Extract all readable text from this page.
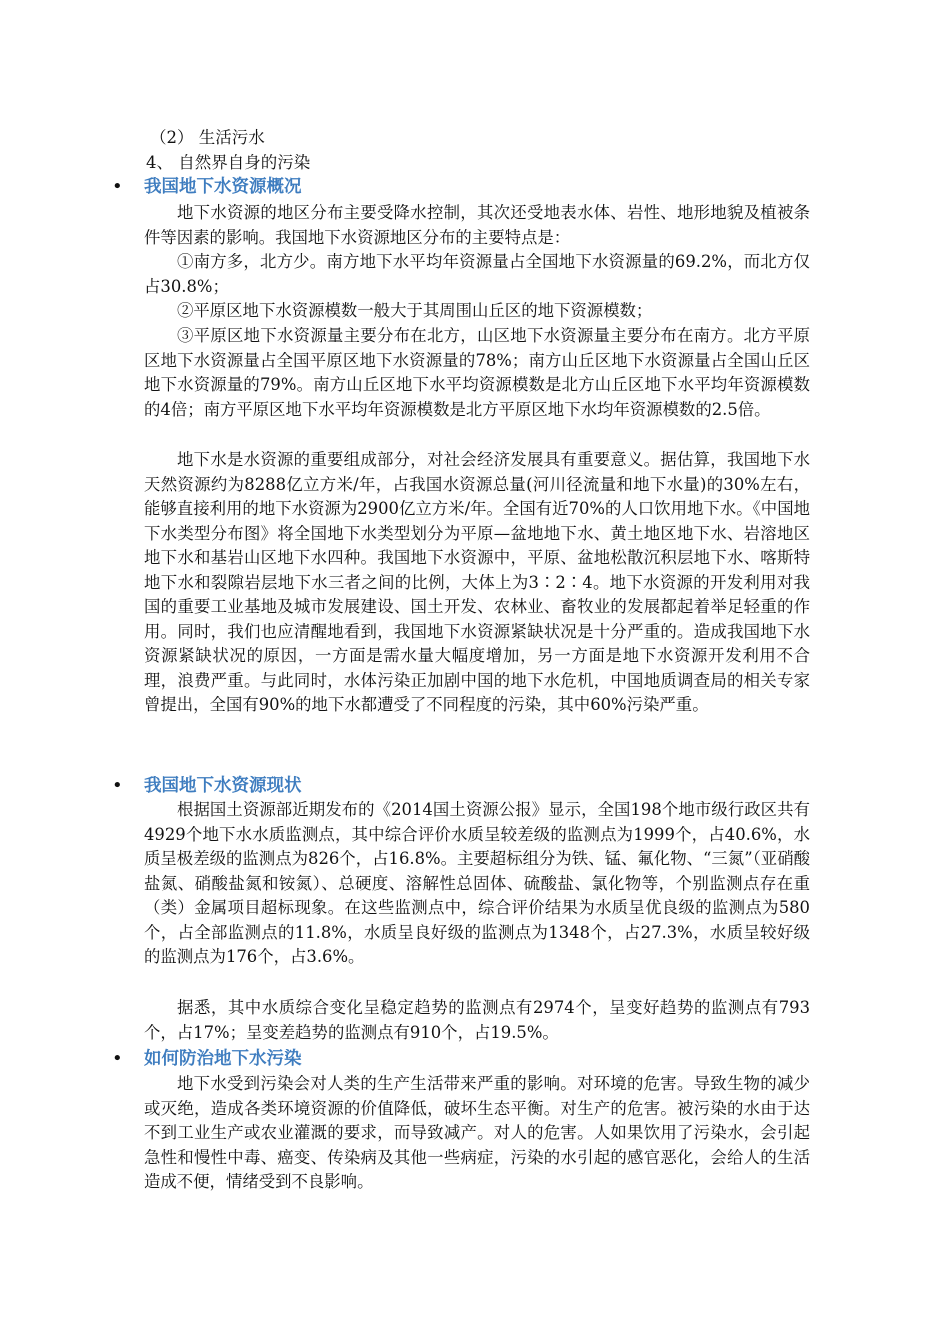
（2） 生活污水
4、 自然界自身的污染
• 我国地下水资源概况

地下水资源的地区分布主要受降水控制，其次还受地表水体、岩性、地形地貌及植被条件等因素的影响。我国地下水资源地区分布的主要特点是：

①南方多，北方少。南方地下水平均年资源量占全国地下水资源量的69.2%，而北方仅占30.8%；

②平原区地下水资源模数一般大于其周围山丘区的地下资源模数；

③平原区地下水资源量主要分布在北方，山区地下水资源量主要分布在南方。北方平原区地下水资源量占全国平原区地下水资源量的78%；南方山丘区地下水资源量占全国山丘区地下水资源量的79%。南方山丘区地下水平均资源模数是北方山丘区地下水平均年资源模数的4倍；南方平原区地下水平均年资源模数是北方平原区地下水均年资源模数的2.5倍。

地下水是水资源的重要组成部分，对社会经济发展具有重要意义。据估算，我国地下水天然资源约为8288亿立方米/年，占我国水资源总量(河川径流量和地下水量)的30%左右，能够直接利用的地下水资源为2900亿立方米/年。全国有近70%的人口饮用地下水。《中国地下水类型分布图》将全国地下水类型划分为平原—盆地地下水、黄土地区地下水、岩溶地区地下水和基岩山区地下水四种。我国地下水资源中，平原、盆地松散沉积层地下水、喀斯特地下水和裂隙岩层地下水三者之间的比例，大体上为3∶2∶4。地下水资源的开发利用对我国的重要工业基地及城市发展建设、国土开发、农林业、畜牧业的发展都起着举足轻重的作用。同时，我们也应清醒地看到，我国地下水资源紧缺状况是十分严重的。造成我国地下水资源紧缺状况的原因，一方面是需水量大幅度增加，另一方面是地下水资源开发利用不合理，浪费严重。与此同时，水体污染正加剧中国的地下水危机，中国地质调查局的相关专家曾提出，全国有90%的地下水都遭受了不同程度的污染，其中60%污染严重。

• 我国地下水资源现状

根据国土资源部近期发布的《2014国土资源公报》显示，全国198个地市级行政区共有4929个地下水水质监测点，其中综合评价水质呈较差级的监测点为1999个，占40.6%，水质呈极差级的监测点为826个，占16.8%。主要超标组分为铁、锰、氟化物、“三氮”（亚硝酸盐氮、硝酸盐氮和铵氮）、总硬度、溶解性总固体、硫酸盐、氯化物等，个别监测点存在重（类）金属项目超标现象。在这些监测点中，综合评价结果为水质呈优良级的监测点为580个，占全部监测点的11.8%，水质呈良好级的监测点为1348个，占27.3%，水质呈较好级的监测点为176个，占3.6%。

据悉，其中水质综合变化呈稳定趋势的监测点有2974个，呈变好趋势的监测点有793个，占17%；呈变差趋势的监测点有910个，占19.5%。

• 如何防治地下水污染

地下水受到污染会对人类的生产生活带来严重的影响。对环境的危害。导致生物的减少或灭绝，造成各类环境资源的价值降低，破坏生态平衡。对生产的危害。被污染的水由于达不到工业生产或农业灌溉的要求，而导致减产。对人的危害。人如果饮用了污染水，会引起急性和慢性中毒、癌变、传染病及其他一些病症，污染的水引起的感官恶化，会给人的生活造成不便，情绪受到不良影响。
